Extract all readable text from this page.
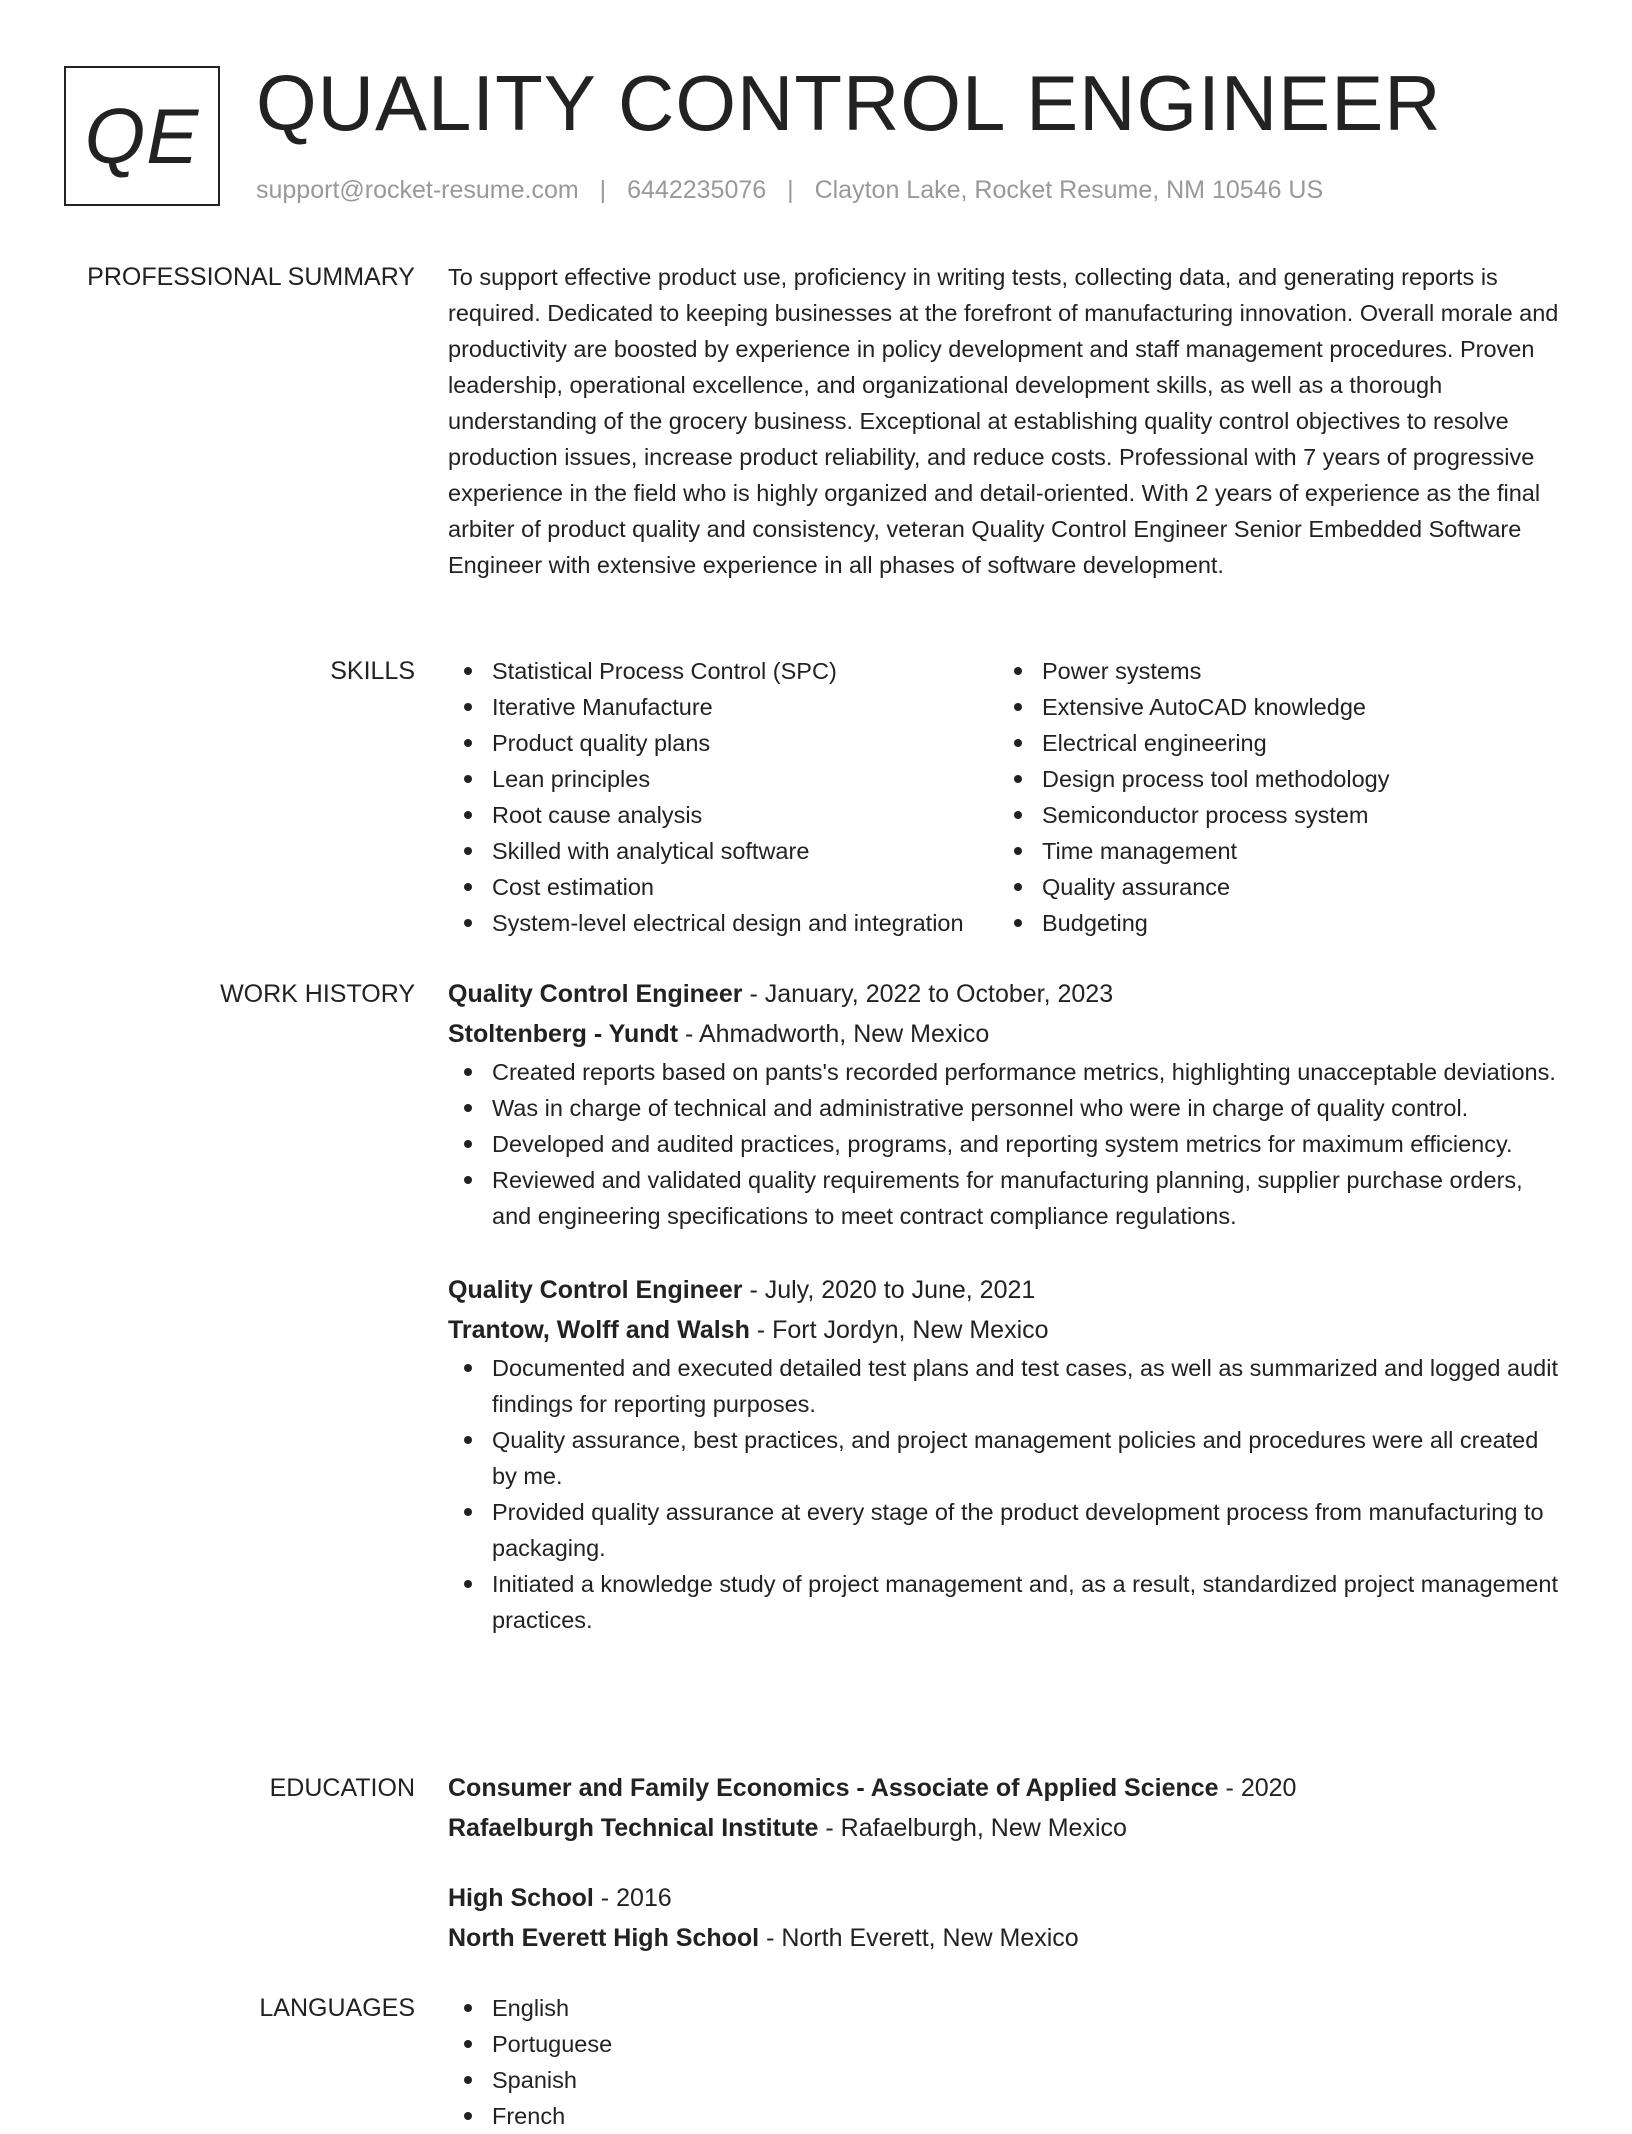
QE QUALITY CONTROL ENGINEER
support@rocket-resume.com | 6442235076 | Clayton Lake, Rocket Resume, NM 10546 US
PROFESSIONAL SUMMARY To support effective product use, proficiency in writing tests, collecting data, and generating reports is required. Dedicated to keeping businesses at the forefront of manufacturing innovation. Overall morale and productivity are boosted by experience in policy development and staff management procedures. Proven leadership, operational excellence, and organizational development skills, as well as a thorough understanding of the grocery business. Exceptional at establishing quality control objectives to resolve production issues, increase product reliability, and reduce costs. Professional with 7 years of progressive experience in the field who is highly organized and detail-oriented. With 2 years of experience as the final arbiter of product quality and consistency, veteran Quality Control Engineer Senior Embedded Software Engineer with extensive experience in all phases of software development.

SKILLS	Statistical Process Control (SPC)
Iterative Manufacture
Product quality plans
Lean principles
Root cause analysis
Skilled with analytical software
Cost estimation
System-level electrical design and integration
Power systems
Extensive AutoCAD knowledge
Electrical engineering
Design process tool methodology
Semiconductor process system
Time management
Quality assurance
Budgeting
WORK HISTORY Quality Control Engineer - January, 2022 to October, 2023
Stoltenberg - Yundt - Ahmadworth, New Mexico
Created reports based on pants's recorded performance metrics, highlighting unacceptable deviations.
Was in charge of technical and administrative personnel who were in charge of quality control.
Developed and audited practices, programs, and reporting system metrics for maximum efficiency.
Reviewed and validated quality requirements for manufacturing planning, supplier purchase orders, and engineering specifications to meet contract compliance regulations.
Quality Control Engineer - July, 2020 to June, 2021
Trantow, Wolff and Walsh - Fort Jordyn, New Mexico
Documented and executed detailed test plans and test cases, as well as summarized and logged audit findings for reporting purposes.
Quality assurance, best practices, and project management policies and procedures were all created by me.
Provided quality assurance at every stage of the product development process from manufacturing to packaging.
Initiated a knowledge study of project management and, as a result, standardized project management practices.
EDUCATION Consumer and Family Economics - Associate of Applied Science - 2020
Rafaelburgh Technical Institute - Rafaelburgh, New Mexico
High School - 2016
North Everett High School - North Everett, New Mexico
LANGUAGES	English
Portuguese
Spanish
French
